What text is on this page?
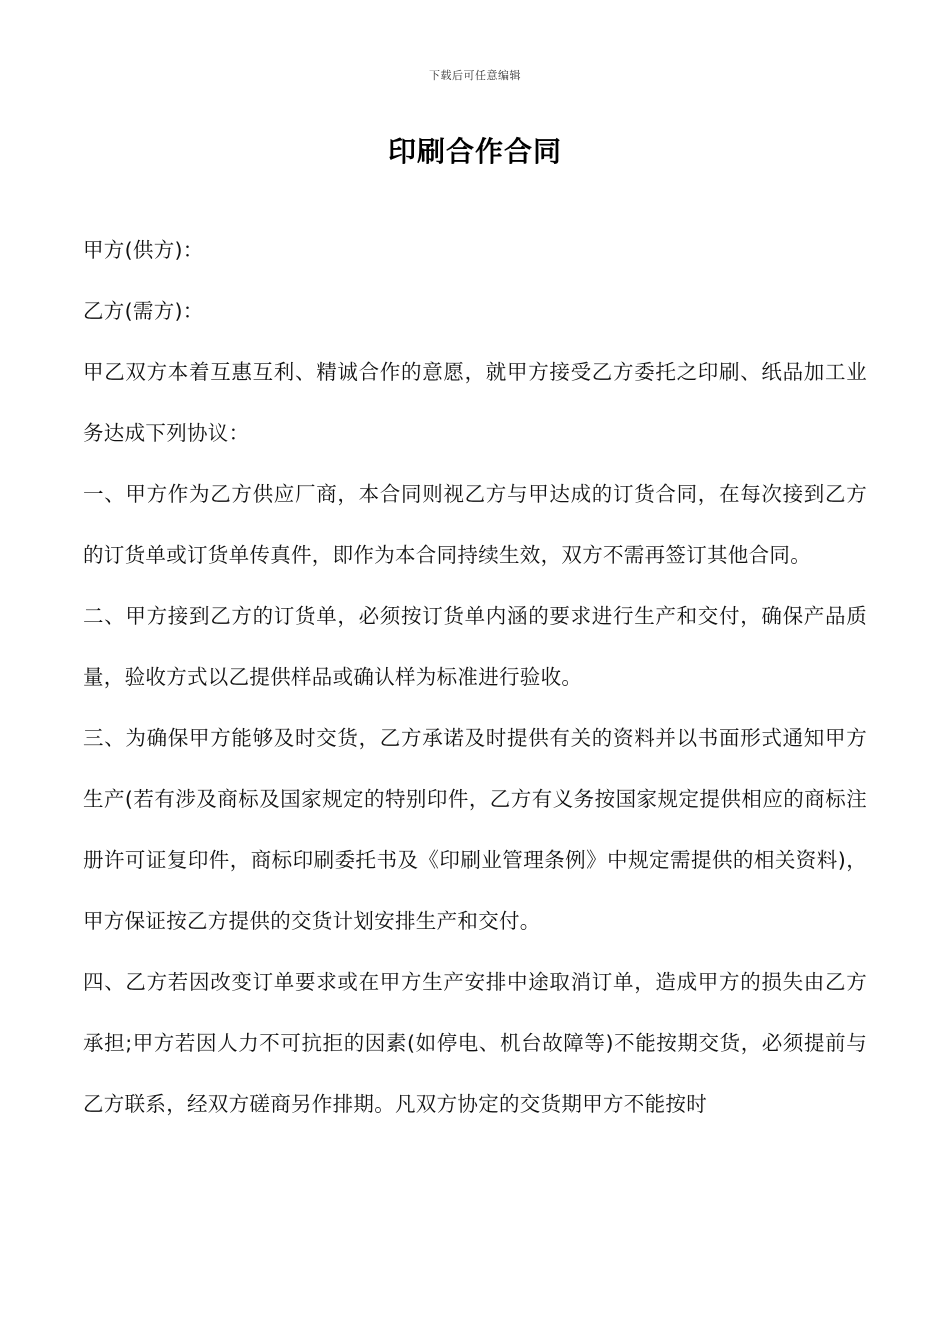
下载后可任意编辑
印刷合作合同

甲方(供方)：

乙方(需方)：

甲乙双方本着互惠互利、精诚合作的意愿，就甲方接受乙方委托之印刷、纸品加工业务达成下列协议：

一、甲方作为乙方供应厂商，本合同则视乙方与甲达成的订货合同，在每次接到乙方的订货单或订货单传真件，即作为本合同持续生效，双方不需再签订其他合同。

二、甲方接到乙方的订货单，必须按订货单内涵的要求进行生产和交付，确保产品质量，验收方式以乙提供样品或确认样为标准进行验收。

三、为确保甲方能够及时交货，乙方承诺及时提供有关的资料并以书面形式通知甲方生产(若有涉及商标及国家规定的特别印件，乙方有义务按国家规定提供相应的商标注册许可证复印件，商标印刷委托书及《印刷业管理条例》中规定需提供的相关资料)，甲方保证按乙方提供的交货计划安排生产和交付。

四、乙方若因改变订单要求或在甲方生产安排中途取消订单，造成甲方的损失由乙方承担;甲方若因人力不可抗拒的因素(如停电、机台故障等)不能按期交货，必须提前与乙方联系，经双方磋商另作排期。凡双方协定的交货期甲方不能按时
